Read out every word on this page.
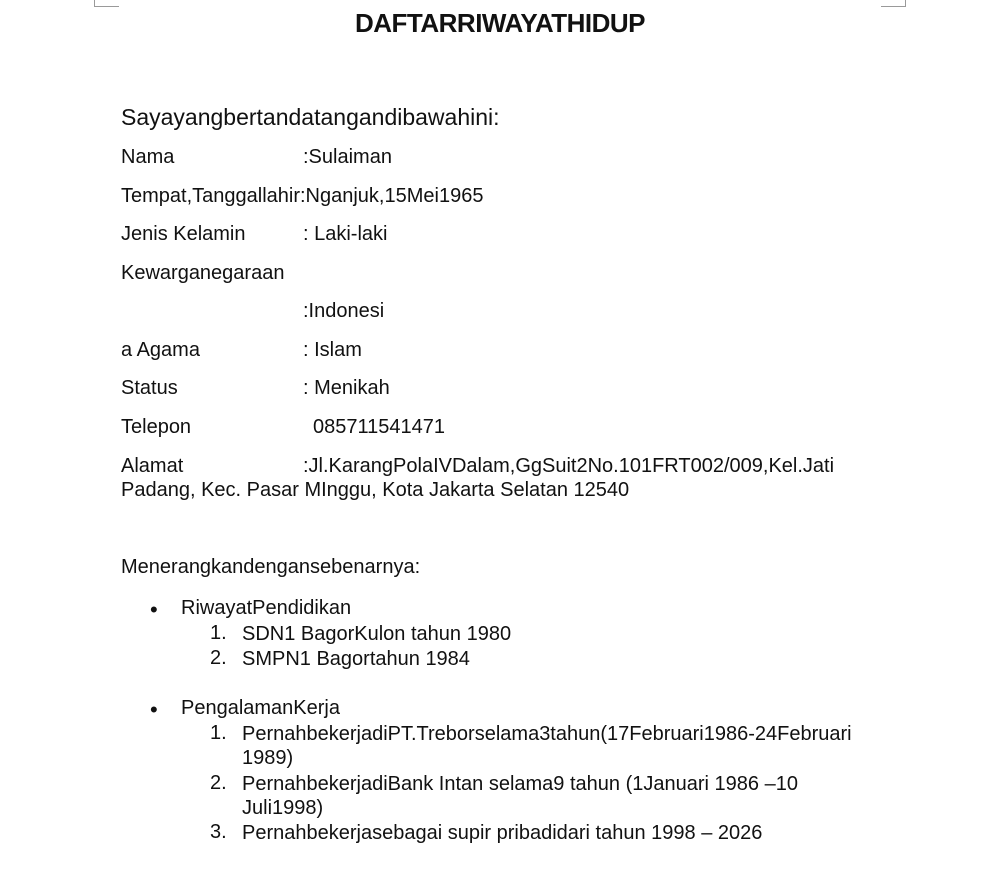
DAFTARRIWAYATHIDUP
Sayayangbertandatangandibawahini:
Nama	:Sulaiman
Tempat,Tanggallahir:Nganjuk,15Mei1965
Jenis Kelamin	: Laki-laki
Kewarganegaraan
:Indonesi
a Agama	: Islam
Status	: Menikah
Telepon	085711541471
Alamat	:Jl.KarangPolaIVDalam,GgSuit2No.101FRT002/009,Kel.Jati Padang, Kec. Pasar MInggu, Kota Jakarta Selatan 12540
Menerangkandengansebenarnya:
• RiwayatPendidikan
1. SDN1 BagorKulon tahun 1980
2. SMPN1 Bagortahun 1984
• PengalamanKerja
1. PernahbekerjadiPT.Treborselama3tahun(17Februari1986-24Februari 1989)
2. PernahbekerjadiBank Intan selama9 tahun (1Januari 1986 –10 Juli1998)
3. Pernahbekerjasebagai supir pribadidari tahun 1998 – 2026
